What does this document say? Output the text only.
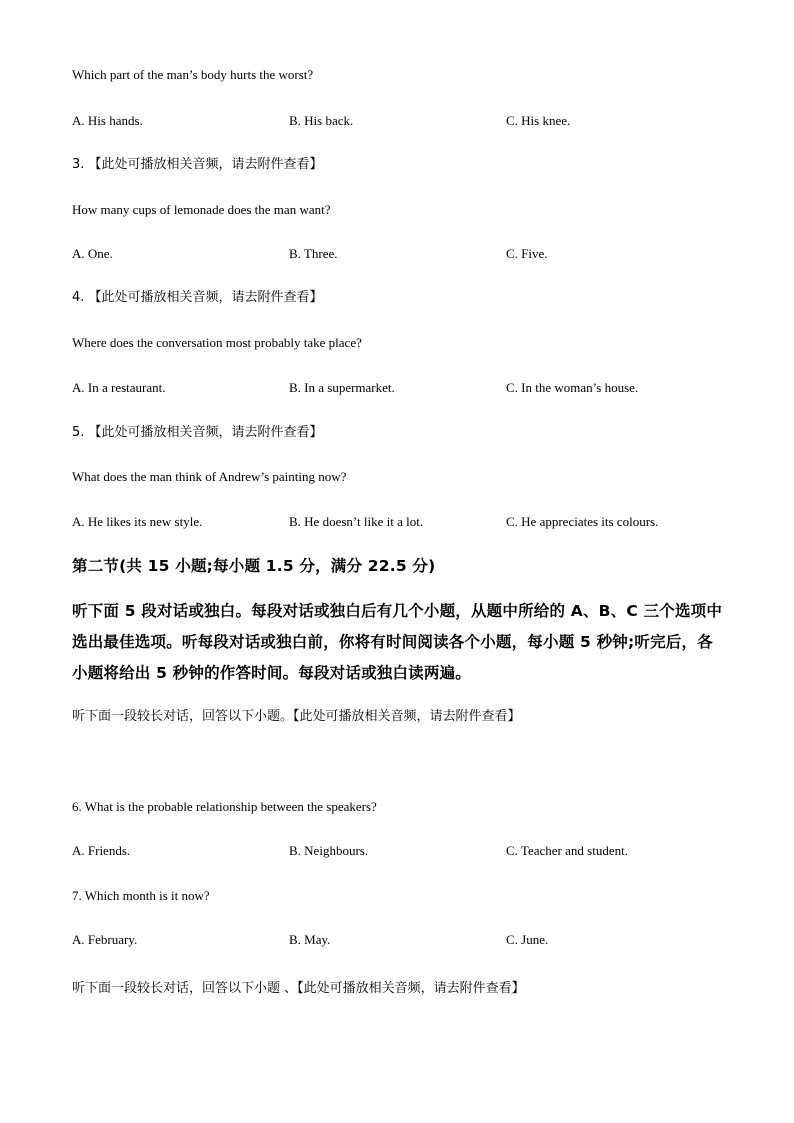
Which part of the man’s body hurts the worst?
A. His hands.	B. His back.	C. His knee.
3. 【此处可播放相关音频，请去附件查看】
How many cups of lemonade does the man want?
A. One.	B. Three.	C. Five.
4. 【此处可播放相关音频，请去附件查看】
Where does the conversation most probably take place?
A. In a restaurant.	B. In a supermarket.	C. In the woman’s house.
5. 【此处可播放相关音频，请去附件查看】
What does the man think of Andrew’s painting now?
A. He likes its new style.	B. He doesn’t like it a lot.	C. He appreciates its colours.
第二节(共 15 小题;每小题 1.5 分，满分 22.5 分)
听下面 5 段对话或独白。每段对话或独白后有几个小题，从题中所给的 A、B、C 三个选项中
选出最佳选项。听每段对话或独白前，你将有时间阅读各个小题，每小题 5 秒钟;听完后，各
小题将给出 5 秒钟的作答时间。每段对话或独白读两遍。
听下面一段较长对话，回答以下小题。【此处可播放相关音频，请去附件查看】
6. What is the probable relationship between the speakers?
A. Friends.	B. Neighbours.	C. Teacher and student.
7. Which month is it now?
A. February.	B. May.	C. June.
听下面一段较长对话，回答以下小题 、【此处可播放相关音频，请去附件查看】
